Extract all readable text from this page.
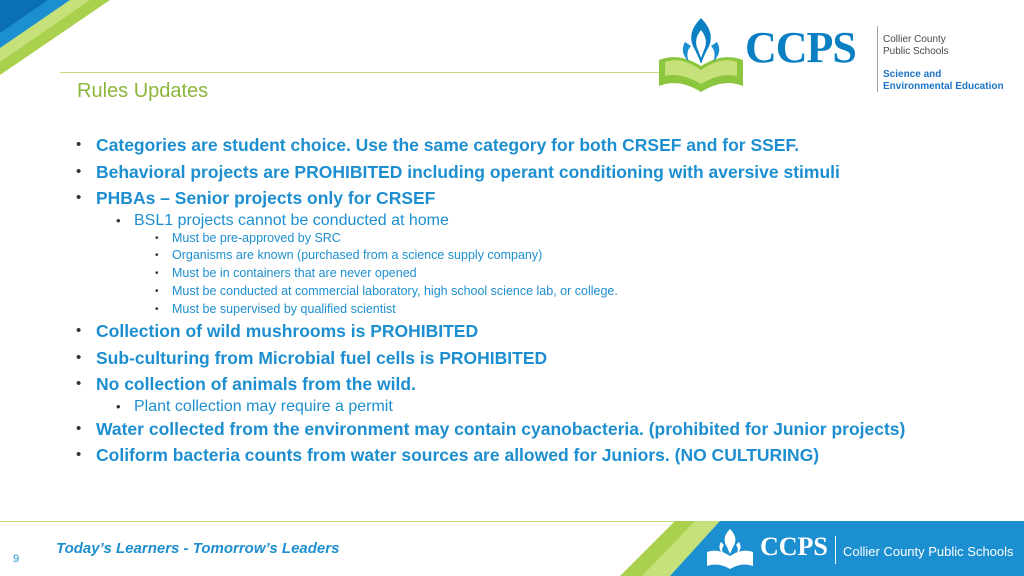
CCPS	Collier County
Public Schools
Science and
Environmental Education
Rules Updates
• Categories are student choice. Use the same category for both CRSEF and for SSEF.
• Behavioral projects are PROHIBITED including operant conditioning with aversive stimuli
• PHBAs – Senior projects only for CRSEF
• BSL1 projects cannot be conducted at home
• Must be pre-approved by SRC
• Organisms are known (purchased from a science supply company)
• Must be in containers that are never opened
• Must be conducted at commercial laboratory, high school science lab, or college.
• Must be supervised by qualified scientist
• Collection of wild mushrooms is PROHIBITED
• Sub-culturing from Microbial fuel cells is PROHIBITED
• No collection of animals from the wild.
• Plant collection may require a permit
• Water collected from the environment may contain cyanobacteria. (prohibited for Junior projects)
• Coliform bacteria counts from water sources are allowed for Juniors. (NO CULTURING)
Today’s Learners - Tomorrow’s Leaders
9	CCPS Collier County Public Schools
